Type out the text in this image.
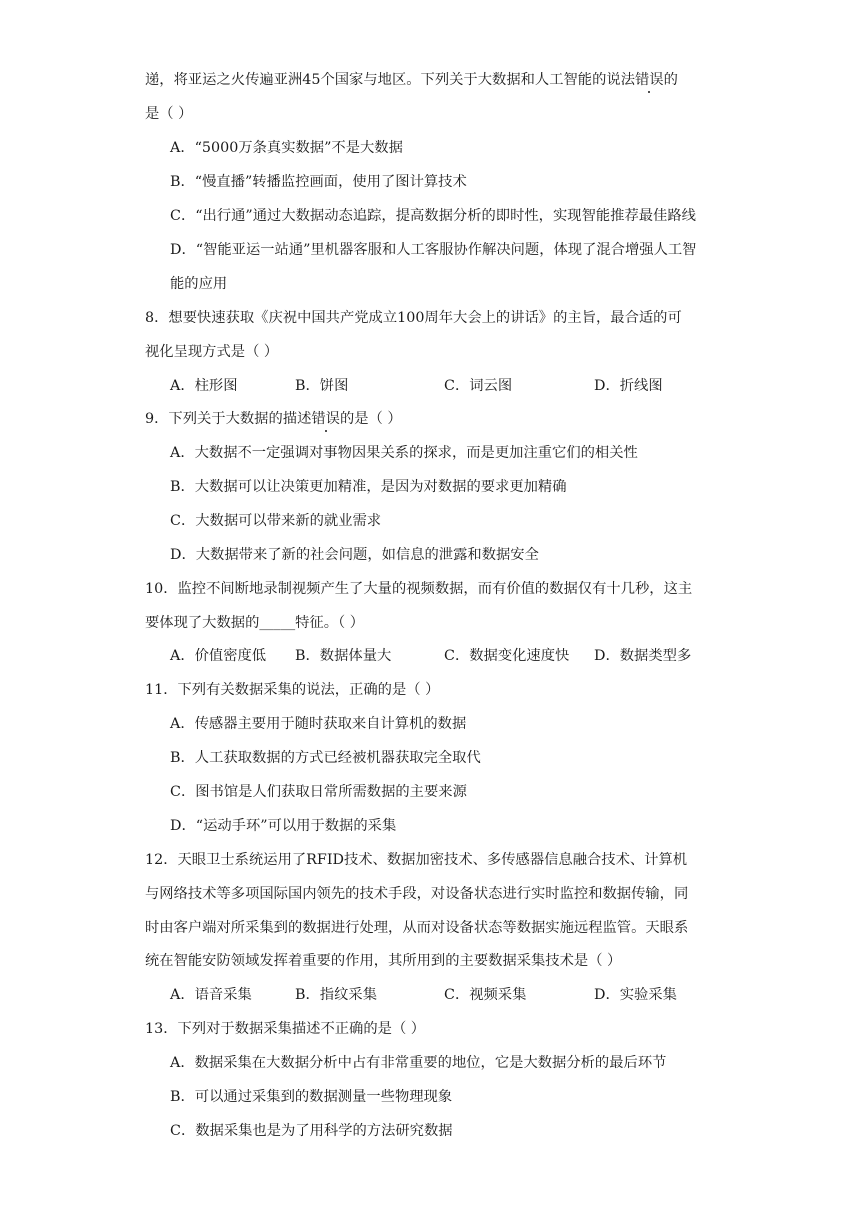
递，将亚运之火传遍亚洲45个国家与地区。下列关于大数据和人工智能的说法错误的
是（ ）
A．“5000万条真实数据”不是大数据
B．“慢直播”转播监控画面，使用了图计算技术
C．“出行通”通过大数据动态追踪，提高数据分析的即时性，实现智能推荐最佳路线
D．“智能亚运一站通”里机器客服和人工客服协作解决问题，体现了混合增强人工智
能的应用
8．想要快速获取《庆祝中国共产党成立100周年大会上的讲话》的主旨，最合适的可
视化呈现方式是（ ）
A．柱形图	B．饼图	C．词云图	D．折线图
9．下列关于大数据的描述错误的是（ ）
A．大数据不一定强调对事物因果关系的探求，而是更加注重它们的相关性
B．大数据可以让决策更加精准，是因为对数据的要求更加精确
C．大数据可以带来新的就业需求
D．大数据带来了新的社会问题，如信息的泄露和数据安全
10．监控不间断地录制视频产生了大量的视频数据，而有价值的数据仅有十几秒，这主
要体现了大数据的_____特征。（ ）
A．价值密度低 B．数据体量大	C．数据变化速度快 D．数据类型多
11．下列有关数据采集的说法，正确的是（ ）
A．传感器主要用于随时获取来自计算机的数据
B．人工获取数据的方式已经被机器获取完全取代
C．图书馆是人们获取日常所需数据的主要来源
D．“运动手环”可以用于数据的采集
12．天眼卫士系统运用了RFID技术、数据加密技术、多传感器信息融合技术、计算机
与网络技术等多项国际国内领先的技术手段，对设备状态进行实时监控和数据传输，同
时由客户端对所采集到的数据进行处理，从而对设备状态等数据实施远程监管。天眼系
统在智能安防领域发挥着重要的作用，其所用到的主要数据采集技术是（ ）
A．语音采集	B．指纹采集	C．视频采集	D．实验采集
13．下列对于数据采集描述不正确的是（ ）
A．数据采集在大数据分析中占有非常重要的地位，它是大数据分析的最后环节
B．可以通过采集到的数据测量一些物理现象
C．数据采集也是为了用科学的方法研究数据
